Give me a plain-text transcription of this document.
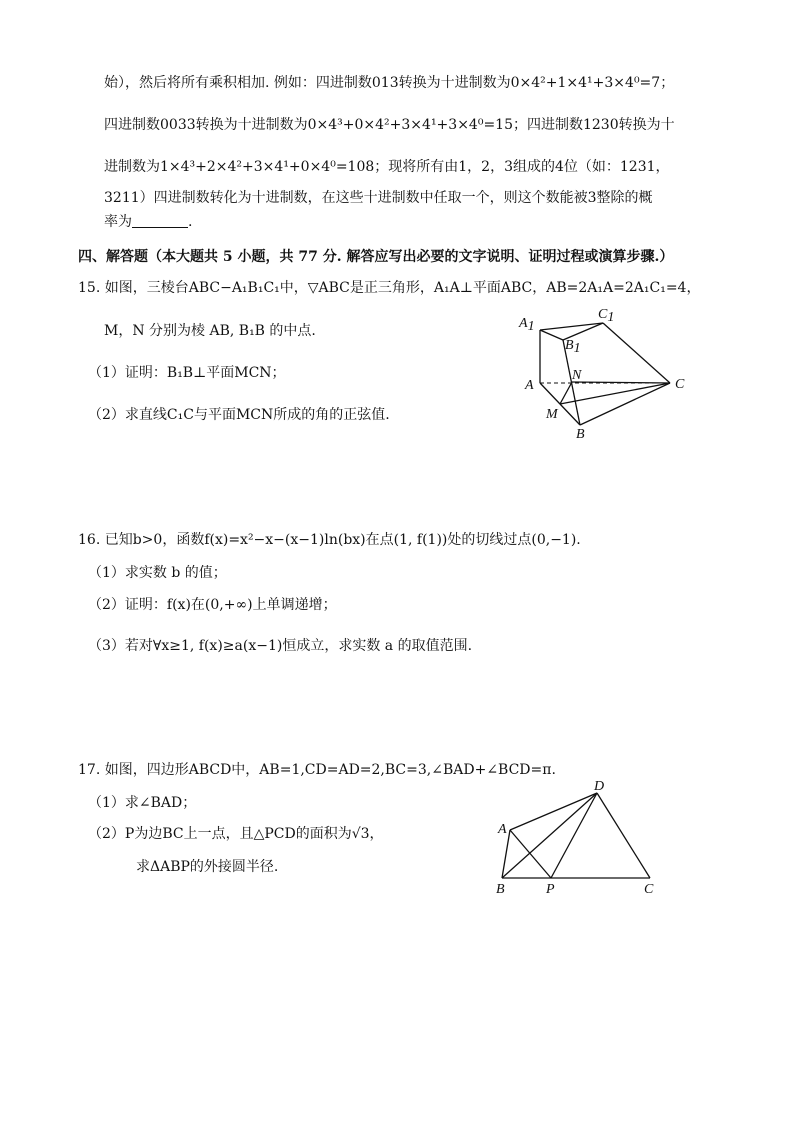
始），然后将所有乘积相加. 例如：四进制数013转换为十进制数为0×4²+1×4¹+3×4⁰=7；
四进制数0033转换为十进制数为0×4³+0×4²+3×4¹+3×4⁰=15；四进制数1230转换为十
进制数为1×4³+2×4²+3×4¹+0×4⁰=108；现将所有由1，2，3组成的4位（如：1231，
3211）四进制数转化为十进制数，在这些十进制数中任取一个，则这个数能被3整除的概
率为	.
四、解答题（本大题共 5 小题，共 77 分. 解答应写出必要的文字说明、证明过程或演算步骤.）
15. 如图，三棱台ABC−A₁B₁C₁中，▽ABC是正三角形，A₁A⊥平面ABC，AB=2A₁A=2A₁C₁=4，
M，N 分别为棱 AB, B₁B 的中点.
（1）证明：B₁B⊥平面MCN；
（2）求直线C₁C与平面MCN所成的角的正弦值.
A1
C1
B1
A
N
C
M
B
16. 已知b>0，函数f(x)=x²−x−(x−1)ln(bx)在点(1, f(1))处的切线过点(0,−1).
（1）求实数 b 的值；
（2）证明：f(x)在(0,+∞)上单调递增；
（3）若对∀x≥1, f(x)≥a(x−1)恒成立，求实数 a 的取值范围.
17. 如图，四边形ABCD中，AB=1,CD=AD=2,BC=3,∠BAD+∠BCD=π.
（1）求∠BAD；
（2）P为边BC上一点，且△PCD的面积为√3，
求ΔABP的外接圆半径.
A
D
B	P	C
